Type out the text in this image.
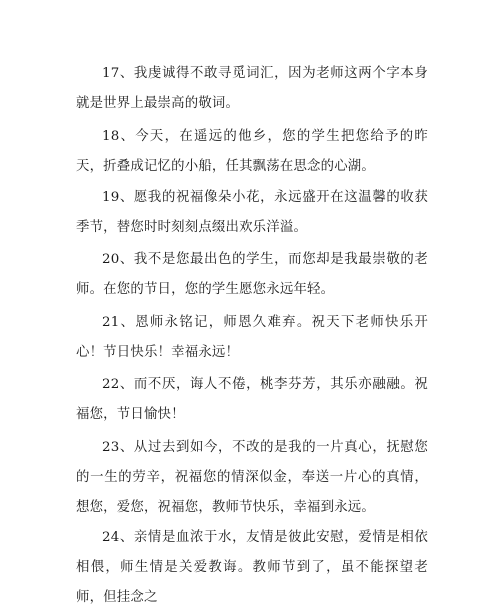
17、我虔诚得不敢寻觅词汇，因为老师这两个字本身就是世界上最崇高的敬词。

18、今天，在遥远的他乡，您的学生把您给予的昨天，折叠成记忆的小船，任其飘荡在思念的心湖。

19、愿我的祝福像朵小花，永远盛开在这温馨的收获季节，替您时时刻刻点缀出欢乐洋溢。

20、我不是您最出色的学生，而您却是我最崇敬的老师。在您的节日，您的学生愿您永远年轻。

21、恩师永铭记，师恩久难弃。祝天下老师快乐开心！节日快乐！幸福永远！

22、而不厌，诲人不倦，桃李芬芳，其乐亦融融。祝福您，节日愉快！

23、从过去到如今，不改的是我的一片真心，抚慰您的一生的劳辛，祝福您的情深似金，奉送一片心的真情，想您，爱您，祝福您，教师节快乐，幸福到永远。

24、亲情是血浓于水，友情是彼此安慰，爱情是相依相偎，师生情是关爱教诲。教师节到了，虽不能探望老师，但挂念之
